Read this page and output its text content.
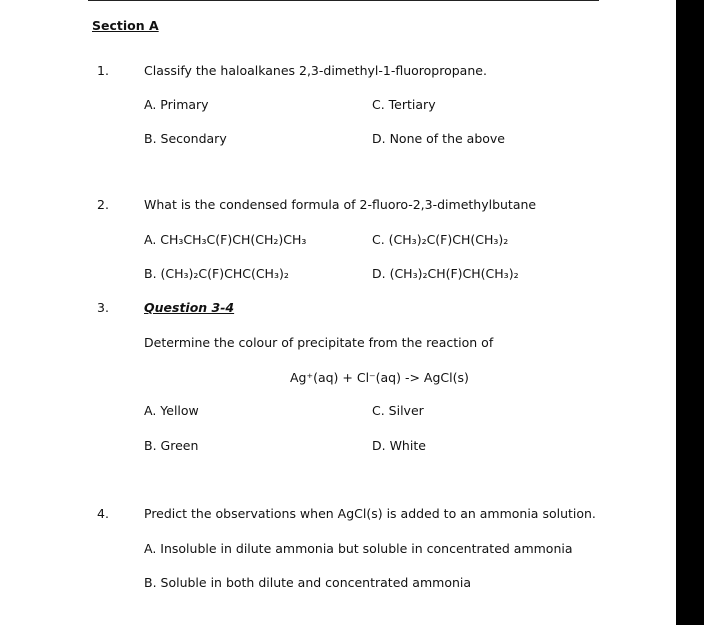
Section A
1.	Classify the haloalkanes 2,3-dimethyl-1-fluoropropane.
A. Primary	C. Tertiary
B. Secondary	D. None of the above
2.	What is the condensed formula of 2-fluoro-2,3-dimethylbutane
A. CH₃CH₃C(F)CH(CH₂)CH₃	C. (CH₃)₂C(F)CH(CH₃)₂
B. (CH₃)₂C(F)CHC(CH₃)₂	D. (CH₃)₂CH(F)CH(CH₃)₂
3.	Question 3-4
Determine the colour of precipitate from the reaction of
Ag⁺(aq) + Cl⁻(aq) -> AgCl(s)
A. Yellow	C. Silver
B. Green	D. White
4.	Predict the observations when AgCl(s) is added to an ammonia solution.
A. Insoluble in dilute ammonia but soluble in concentrated ammonia
B. Soluble in both dilute and concentrated ammonia
